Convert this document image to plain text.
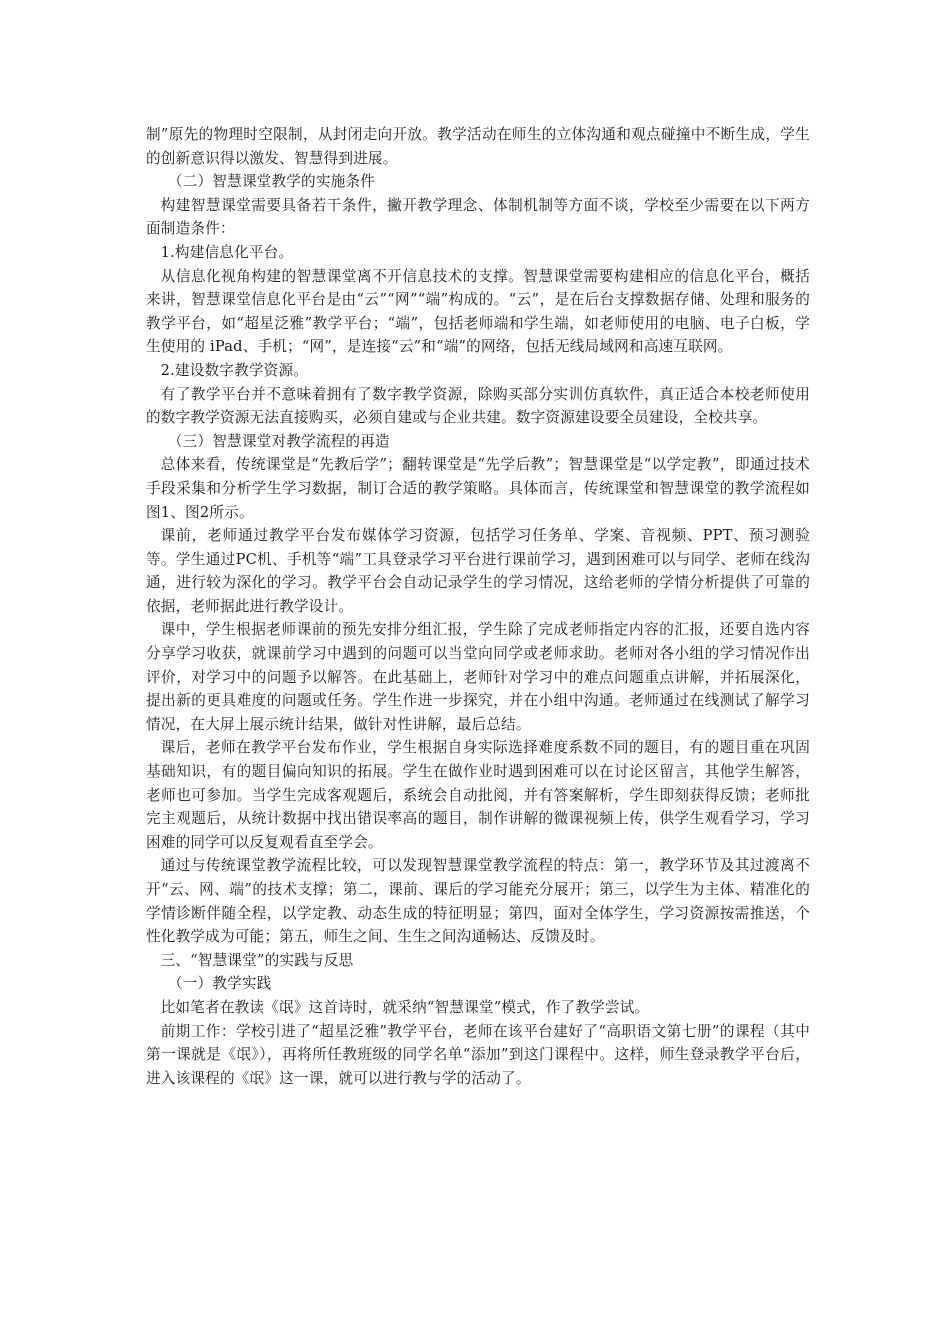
制”原先的物理时空限制，从封闭走向开放。教学活动在师生的立体沟通和观点碰撞中不断生成，学生的创新意识得以激发、智慧得到进展。

（二）智慧课堂教学的实施条件

构建智慧课堂需要具备若干条件，撇开教学理念、体制机制等方面不谈，学校至少需要在以下两方面制造条件：

1.构建信息化平台。

从信息化视角构建的智慧课堂离不开信息技术的支撑。智慧课堂需要构建相应的信息化平台，概括来讲，智慧课堂信息化平台是由“云”“网”“端”构成的。“云”，是在后台支撑数据存储、处理和服务的教学平台，如“超星泛雅”教学平台；“端”，包括老师端和学生端，如老师使用的电脑、电子白板，学生使用的 iPad、手机；“网”，是连接“云”和“端”的网络，包括无线局域网和高速互联网。

2.建设数字教学资源。

有了教学平台并不意味着拥有了数字教学资源，除购买部分实训仿真软件，真正适合本校老师使用的数字教学资源无法直接购买，必须自建或与企业共建。数字资源建设要全员建设，全校共享。

（三）智慧课堂对教学流程的再造

总体来看，传统课堂是“先教后学”；翻转课堂是“先学后教”；智慧课堂是“以学定教”，即通过技术手段采集和分析学生学习数据，制订合适的教学策略。具体而言，传统课堂和智慧课堂的教学流程如图1、图2所示。

课前，老师通过教学平台发布媒体学习资源，包括学习任务单、学案、音视频、PPT、预习测验等。学生通过PC机、手机等“端”工具登录学习平台进行课前学习，遇到困难可以与同学、老师在线沟通，进行较为深化的学习。教学平台会自动记录学生的学习情况，这给老师的学情分析提供了可靠的依据，老师据此进行教学设计。

课中，学生根据老师课前的预先安排分组汇报，学生除了完成老师指定内容的汇报，还要自选内容分享学习收获，就课前学习中遇到的问题可以当堂向同学或老师求助。老师对各小组的学习情况作出评价，对学习中的问题予以解答。在此基础上，老师针对学习中的难点问题重点讲解，并拓展深化，提出新的更具难度的问题或任务。学生作进一步探究，并在小组中沟通。老师通过在线测试了解学习情况，在大屏上展示统计结果，做针对性讲解，最后总结。

课后，老师在教学平台发布作业，学生根据自身实际选择难度系数不同的题目，有的题目重在巩固基础知识，有的题目偏向知识的拓展。学生在做作业时遇到困难可以在讨论区留言，其他学生解答，老师也可参加。当学生完成客观题后，系统会自动批阅，并有答案解析，学生即刻获得反馈；老师批完主观题后，从统计数据中找出错误率高的题目，制作讲解的微课视频上传，供学生观看学习，学习困难的同学可以反复观看直至学会。

通过与传统课堂教学流程比较，可以发现智慧课堂教学流程的特点：第一，教学环节及其过渡离不开“云、网、端”的技术支撑；第二，课前、课后的学习能充分展开；第三，以学生为主体、精准化的学情诊断伴随全程，以学定教、动态生成的特征明显；第四，面对全体学生，学习资源按需推送，个性化教学成为可能；第五，师生之间、生生之间沟通畅达、反馈及时。

三、“智慧课堂”的实践与反思

（一）教学实践

比如笔者在教读《氓》这首诗时，就采纳“智慧课堂”模式，作了教学尝试。

前期工作：学校引进了“超星泛雅”教学平台，老师在该平台建好了“高职语文第七册”的课程（其中第一课就是《氓》），再将所任教班级的同学名单“添加”到这门课程中。这样，师生登录教学平台后，进入该课程的《氓》这一课，就可以进行教与学的活动了。
